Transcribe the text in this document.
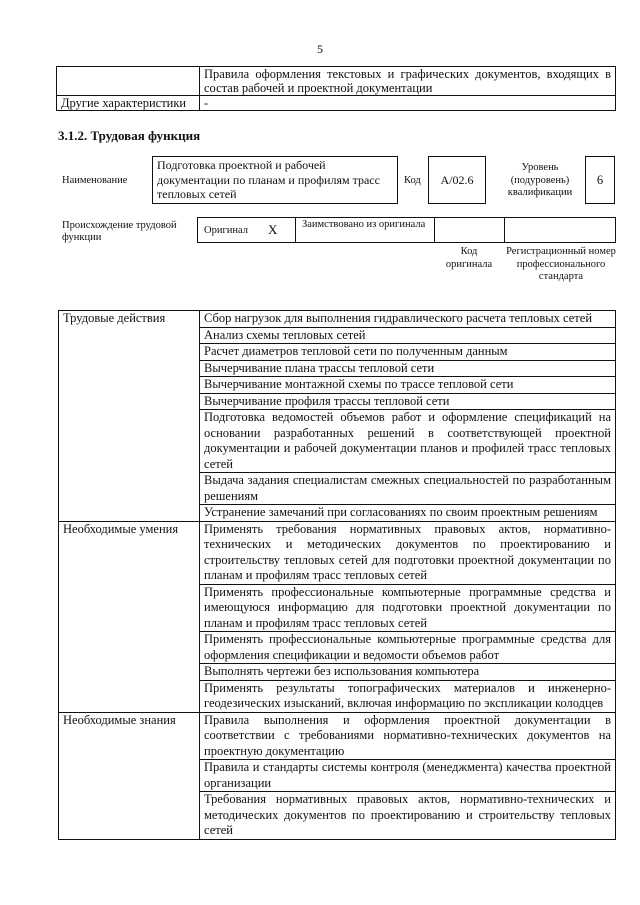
5
	Правила оформления текстовых и графических документов, входящих в состав рабочей и проектной документации
Другие характеристики	-
3.1.2. Трудовая функция
Наименование
Подготовка проектной и рабочей документации по планам и профилям трасс тепловых сетей
Код	A/02.6
Уровень (подуровень) квалификации
6
Происхождение трудовой функции
Оригинал X Заимствовано из оригинала
Код оригинала
Регистрационный номер профессионального стандарта
Трудовые действия	Сбор нагрузок для выполнения гидравлического расчета тепловых сетей
	Анализ схемы тепловых сетей
	Расчет диаметров тепловой сети по полученным данным
	Вычерчивание плана трассы тепловой сети
	Вычерчивание монтажной схемы по трассе тепловой сети
	Вычерчивание профиля трассы тепловой сети
	Подготовка ведомостей объемов работ и оформление спецификаций на основании разработанных решений в соответствующей проектной документации и рабочей документации планов и профилей трасс тепловых сетей
	Выдача задания специалистам смежных специальностей по разработанным решениям
	Устранение замечаний при согласованиях по своим проектным решениям
Необходимые умения	Применять требования нормативных правовых актов, нормативно-технических и методических документов по проектированию и строительству тепловых сетей для подготовки проектной документации по планам и профилям трасс тепловых сетей
	Применять профессиональные компьютерные программные средства и имеющуюся информацию для подготовки проектной документации по планам и профилям трасс тепловых сетей
	Применять профессиональные компьютерные программные средства для оформления спецификации и ведомости объемов работ
	Выполнять чертежи без использования компьютера
	Применять результаты топографических материалов и инженерно-геодезических изысканий, включая информацию по экспликации колодцев
Необходимые знания	Правила выполнения и оформления проектной документации в соответствии с требованиями нормативно-технических документов на проектную документацию
	Правила и стандарты системы контроля (менеджмента) качества проектной организации
	Требования нормативных правовых актов, нормативно-технических и методических документов по проектированию и строительству тепловых сетей
